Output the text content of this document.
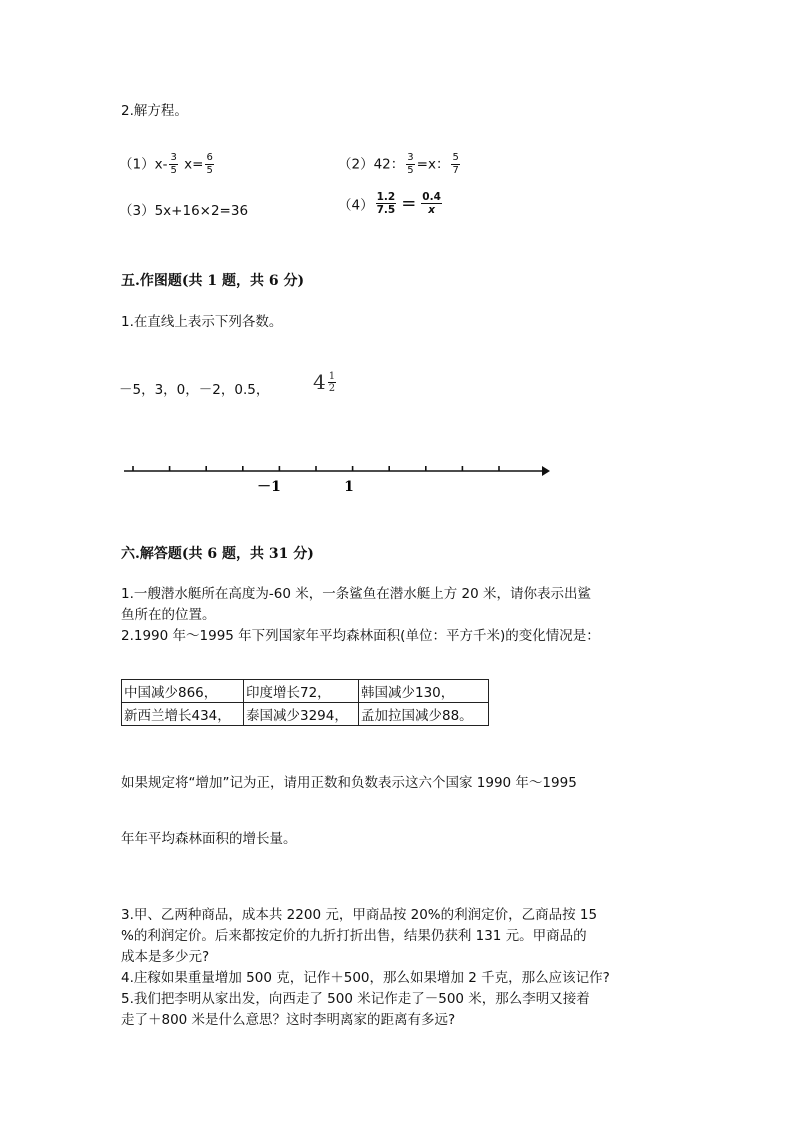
2.解方程。
$(1)x- \frac{3}{5} x= \frac{6}{5}$	（2）42： $\frac{3}{5} =x$： $\frac{5}{7}$
（3）5x+16×2=36	$(4) \frac{1.2}{7.5} = \frac{0.4}{x}$
五.作图题(共 1 题，共 6 分)
1.在直线上表示下列各数。
－5，3，0，－2，0.5， $4 \frac{1}{2}$
－1	1
六.解答题(共 6 题，共 31 分)
1.一艘潜水艇所在高度为-60 米，一条鲨鱼在潜水艇上方 20 米，请你表示出鲨
鱼所在的位置。
2.1990 年～1995 年下列国家年平均森林面积(单位：平方千米)的变化情况是：
中国减少866，	印度增长72，	韩国减少130，
新西兰增长434，	泰国减少3294，	孟加拉国减少88。
如果规定将“增加”记为正，请用正数和负数表示这六个国家 1990 年～1995
年年平均森林面积的增长量。
3.甲、乙两种商品，成本共 2200 元，甲商品按 20%的利润定价，乙商品按 15
%的利润定价。后来都按定价的九折打折出售，结果仍获利 131 元。甲商品的
成本是多少元?
4.庄稼如果重量增加 500 克，记作＋500，那么如果增加 2 千克，那么应该记作?
5.我们把李明从家出发，向西走了 500 米记作走了－500 米，那么李明又接着
走了＋800 米是什么意思？这时李明离家的距离有多远?
